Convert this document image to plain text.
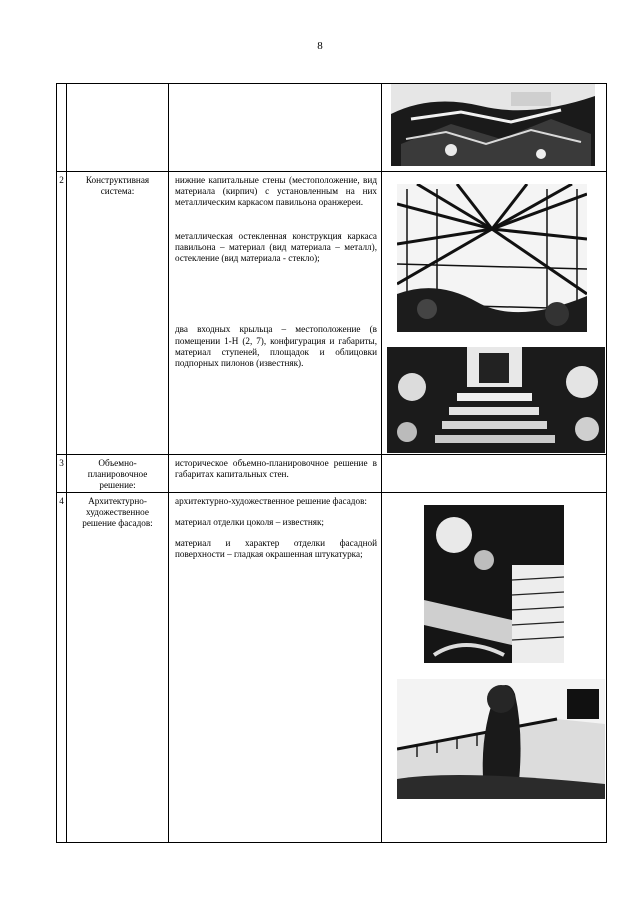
8

2	Конструктивная система:	нижние капитальные стены (местоположение, вид материала (кирпич) с установленным на них металлическим каркасом павильона оранжереи.

металлическая остекленная конструкция каркаса павильона – материал (вид материала – металл), остекление (вид материала - стекло);

два входных крыльца – местоположение (в помещении 1-Н (2, 7), конфигурация и габариты, материал ступеней, площадок и облицовки подпорных пилонов (известняк).

3	Объемно-планировочное решение:	историческое объемно-планировочное решение в габаритах капитальных стен.	

4	Архитектурно-художественное решение фасадов:	архитектурно-художественное решение фасадов:

материал отделки цоколя – известняк;

материал и характер отделки фасадной поверхности – гладкая окрашенная штукатурка;
